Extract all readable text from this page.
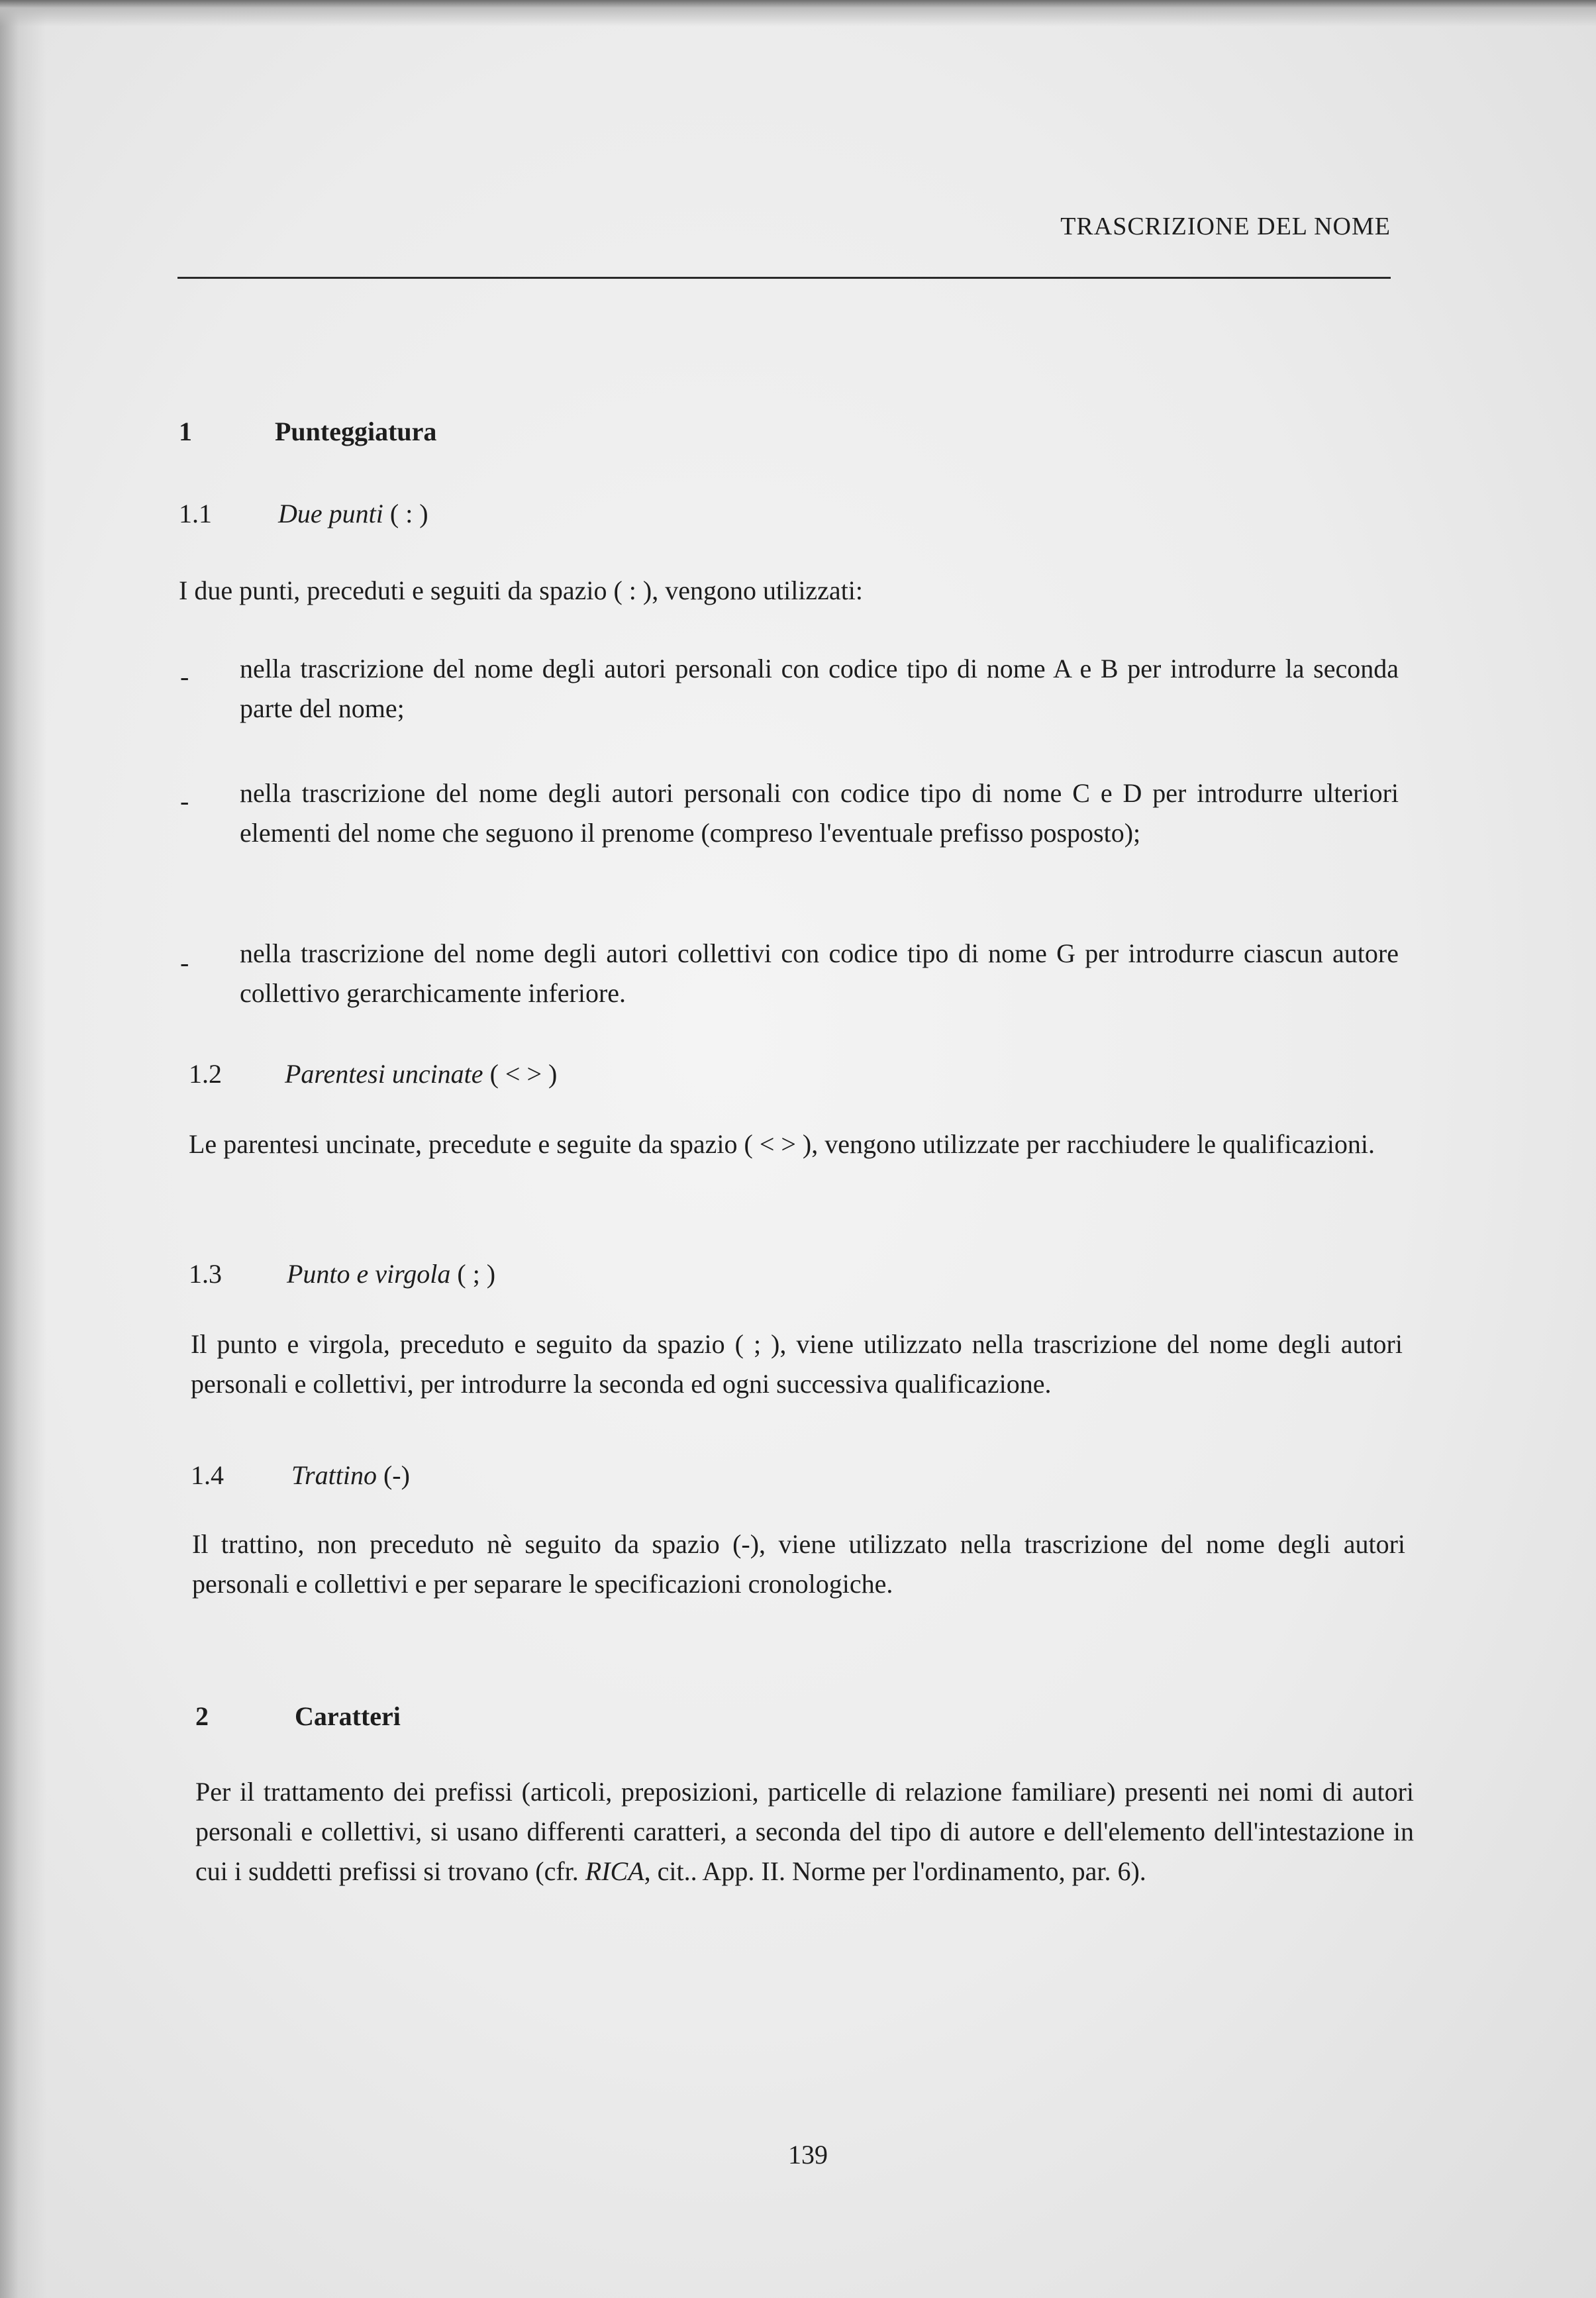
TRASCRIZIONE DEL NOME
1	Punteggiatura
1.1	Due punti ( : )
I due punti, preceduti e seguiti da spazio ( : ), vengono utilizzati:
- nella trascrizione del nome degli autori personali con codice tipo di nome A e B per introdurre la seconda parte del nome;
- nella trascrizione del nome degli autori personali con codice tipo di nome C e D per introdurre ulteriori elementi del nome che seguono il prenome (compreso l'eventuale prefisso posposto);
- nella trascrizione del nome degli autori collettivi con codice tipo di nome G per introdurre ciascun autore collettivo gerarchicamente inferiore.
1.2 Parentesi uncinate ( < > )
Le parentesi uncinate, precedute e seguite da spazio ( < > ), vengono utilizzate per racchiudere le qualificazioni.
1.3 Punto e virgola ( ; )
Il punto e virgola, preceduto e seguito da spazio ( ; ), viene utilizzato nella trascrizione del nome degli autori personali e collettivi, per introdurre la seconda ed ogni successiva qualificazione.
1.4	Trattino (-)
Il trattino, non preceduto nè seguito da spazio (-), viene utilizzato nella trascrizione del nome degli autori personali e collettivi e per separare le specificazioni cronologiche.
2	Caratteri
Per il trattamento dei prefissi (articoli, preposizioni, particelle di relazione familiare) presenti nei nomi di autori personali e collettivi, si usano differenti caratteri, a seconda del tipo di autore e dell'elemento dell'intestazione in cui i suddetti prefissi si trovano (cfr. RICA, cit.. App. II. Norme per l'ordinamento, par. 6).
139
